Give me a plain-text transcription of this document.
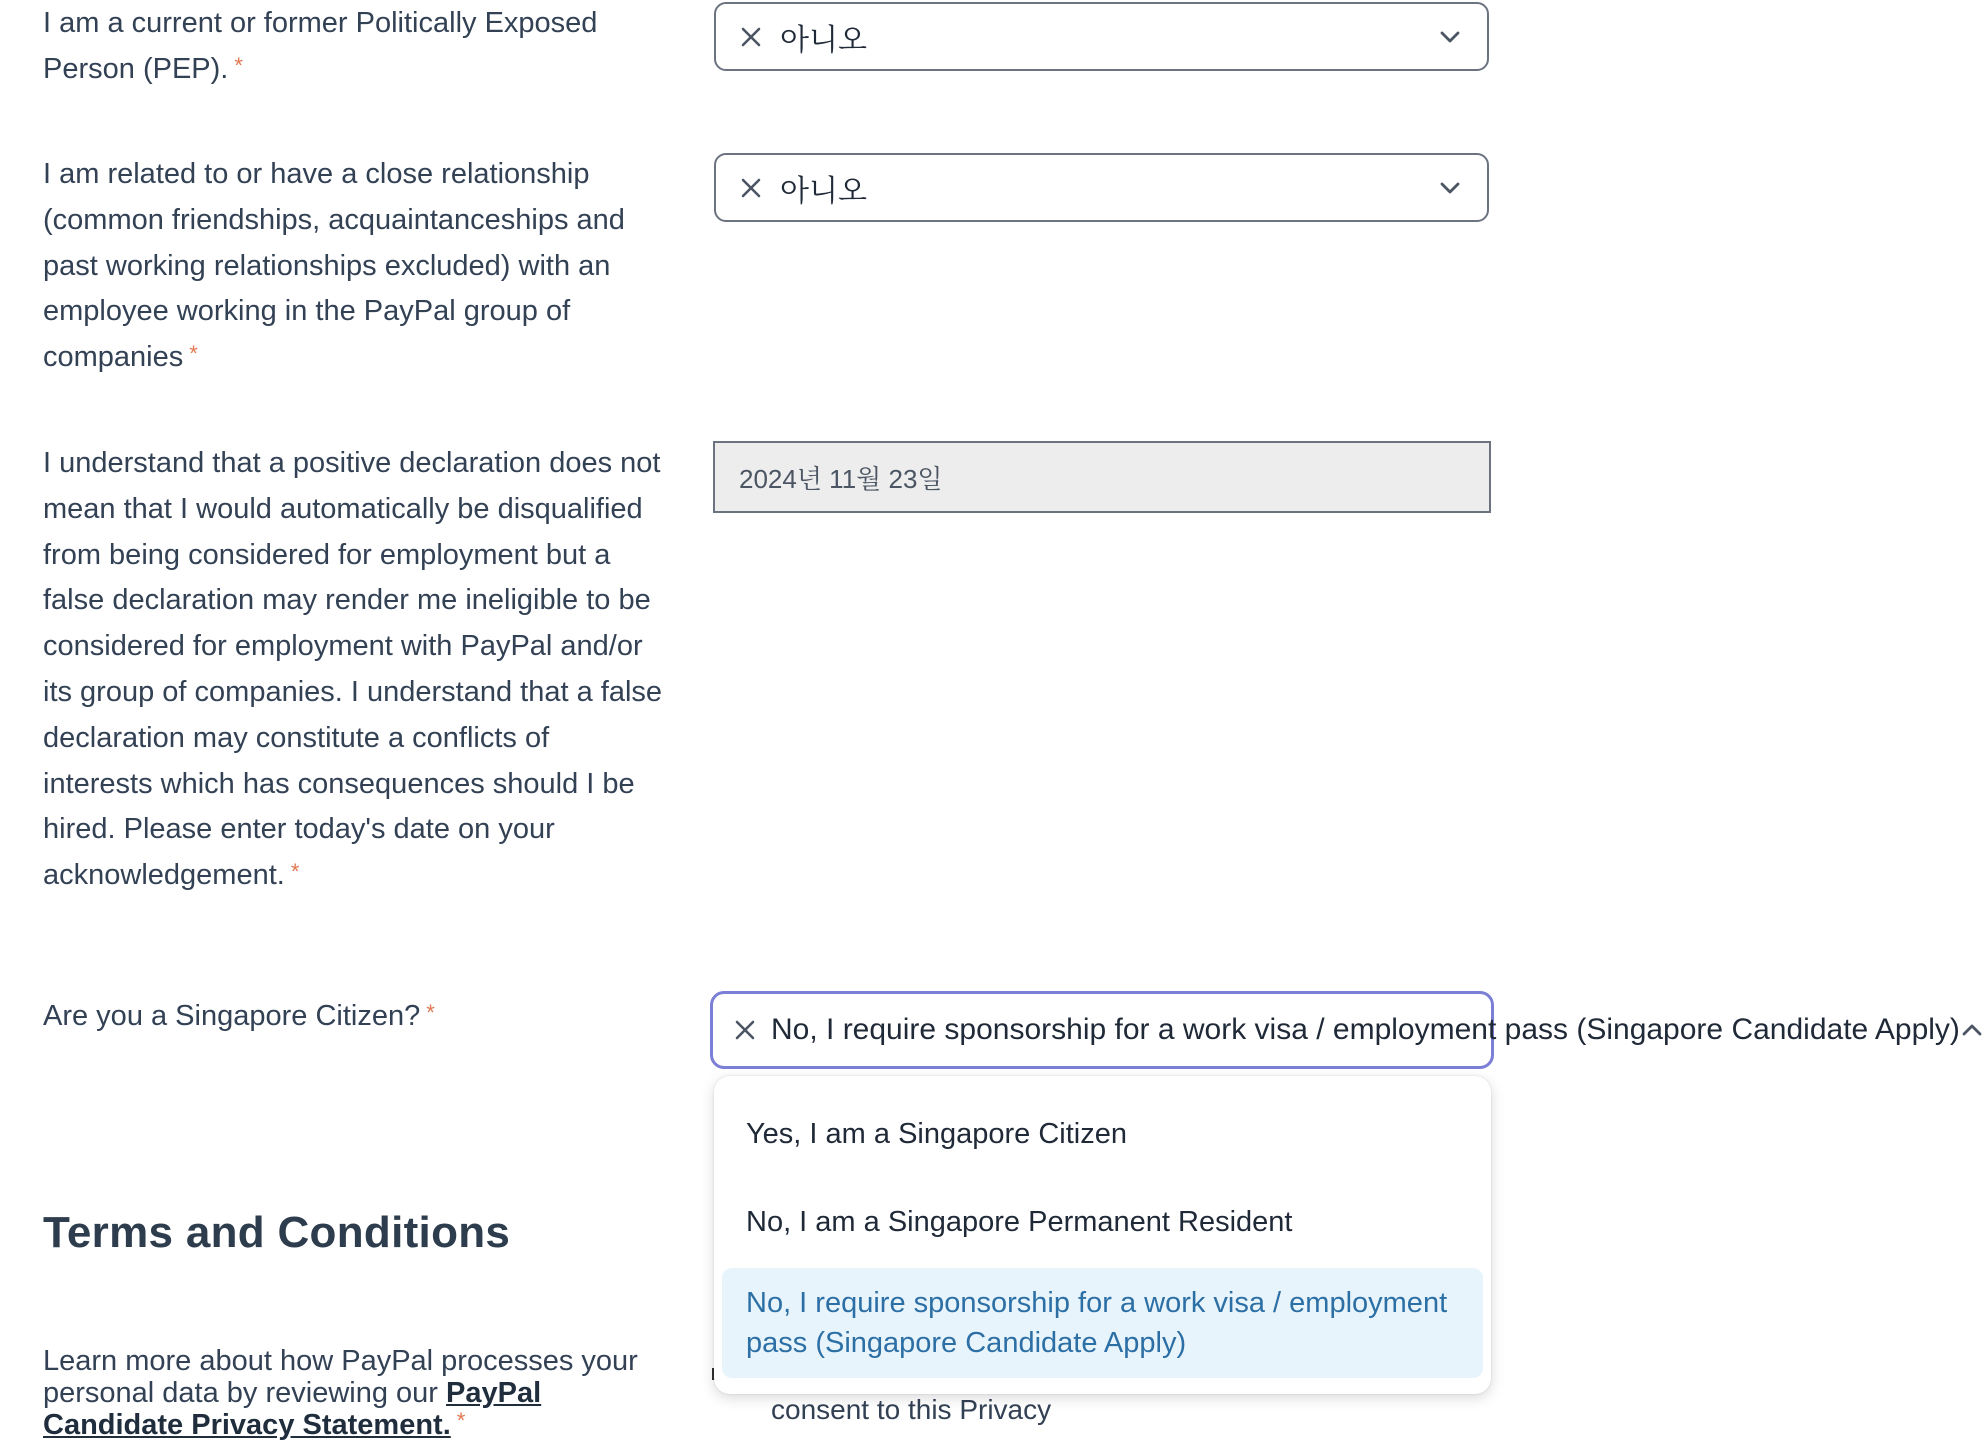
I am a current or former Politically Exposed Person (PEP). *

아니오

I am related to or have a close relationship (common friendships, acquaintanceships and past working relationships excluded) with an employee working in the PayPal group of companies *

아니오

I understand that a positive declaration does not mean that I would automatically be disqualified from being considered for employment but a false declaration may render me ineligible to be considered for employment with PayPal and/or its group of companies. I understand that a false declaration may constitute a conflicts of interests which has consequences should I be hired. Please enter today's date on your acknowledgement. *

2024년 11월 23일

Are you a Singapore Citizen? *

No, I require sponsorship for a work visa / employment pass (Singapore Candidate Apply)
Terms and Conditions

Learn more about how PayPal processes your personal data by reviewing our PayPal Candidate Privacy Statement. *	consent to this Privacy
Yes, I am a Singapore Citizen
No, I am a Singapore Permanent Resident
No, I require sponsorship for a work visa / employment pass (Singapore Candidate Apply)
